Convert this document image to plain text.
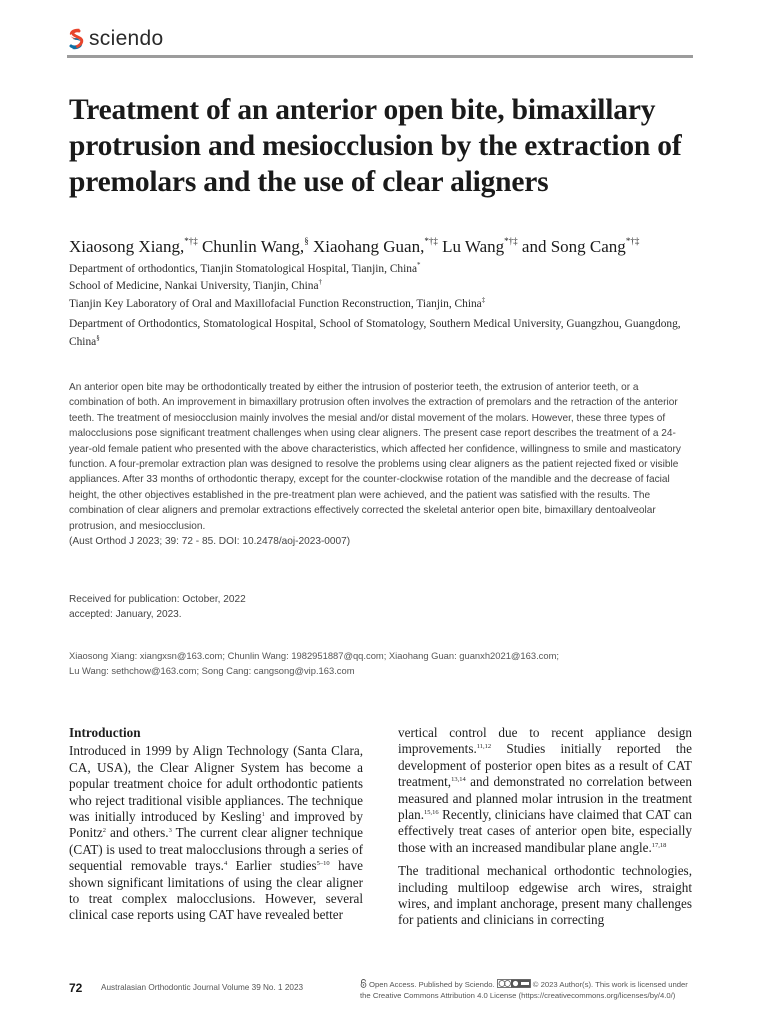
sciendo
Treatment of an anterior open bite, bimaxillary protrusion and mesiocclusion by the extraction of premolars and the use of clear aligners
Xiaosong Xiang,*†‡ Chunlin Wang,§ Xiaohang Guan,*†‡ Lu Wang*†‡ and Song Cang*†‡
Department of orthodontics, Tianjin Stomatological Hospital, Tianjin, China*
School of Medicine, Nankai University, Tianjin, China†
Tianjin Key Laboratory of Oral and Maxillofacial Function Reconstruction, Tianjin, China‡
Department of Orthodontics, Stomatological Hospital, School of Stomatology, Southern Medical University, Guangzhou, Guangdong, China§
An anterior open bite may be orthodontically treated by either the intrusion of posterior teeth, the extrusion of anterior teeth, or a combination of both. An improvement in bimaxillary protrusion often involves the extraction of premolars and the retraction of the anterior teeth. The treatment of mesiocclusion mainly involves the mesial and/or distal movement of the molars. However, these three types of malocclusions pose significant treatment challenges when using clear aligners. The present case report describes the treatment of a 24-year-old female patient who presented with the above characteristics, which affected her confidence, willingness to smile and masticatory function. A four-premolar extraction plan was designed to resolve the problems using clear aligners as the patient rejected fixed or visible appliances. After 33 months of orthodontic therapy, except for the counter-clockwise rotation of the mandible and the decrease of facial height, the other objectives established in the pre-treatment plan were achieved, and the patient was satisfied with the results. The combination of clear aligners and premolar extractions effectively corrected the skeletal anterior open bite, bimaxillary dentoalveolar protrusion, and mesiocclusion.
(Aust Orthod J 2023; 39: 72 - 85. DOI: 10.2478/aoj-2023-0007)
Received for publication: October, 2022
accepted: January, 2023.
Xiaosong Xiang: xiangxsn@163.com; Chunlin Wang: 1982951887@qq.com; Xiaohang Guan: guanxh2021@163.com;
Lu Wang: sethchow@163.com; Song Cang: cangsong@vip.163.com
Introduction

Introduced in 1999 by Align Technology (Santa Clara, CA, USA), the Clear Aligner System has become a popular treatment choice for adult orthodontic patients who reject traditional visible appliances. The technique was initially introduced by Kesling$^1$ and improved by Ponitz$^2$ and others.$^3$ The current clear aligner technique (CAT) is used to treat malocclusions through a series of sequential removable trays.$^4$ Earlier studies$^{5-10}$ have shown significant limitations of using the clear aligner to treat complex malocclusions. However, several clinical case reports using CAT have revealed better

vertical control due to recent appliance design improvements.$^{11,12}$ Studies initially reported the development of posterior open bites as a result of CAT treatment,$^{13,14}$ and demonstrated no correlation between measured and planned molar intrusion in the treatment plan.$^{15,16}$ Recently, clinicians have claimed that CAT can effectively treat cases of anterior open bite, especially those with an increased mandibular plane angle.$^{17,18}$

The traditional mechanical orthodontic technologies, including multiloop edgewise arch wires, straight wires, and implant anchorage, present many challenges for patients and clinicians in correcting

72 Australasian Orthodontic Journal Volume 39 No. 1 2023	Open Access. Published by Sciendo.	© 2023 Author(s). This work is licensed under
the Creative Commons Attribution 4.0 License (https://creativecommons.org/licenses/by/4.0/)
